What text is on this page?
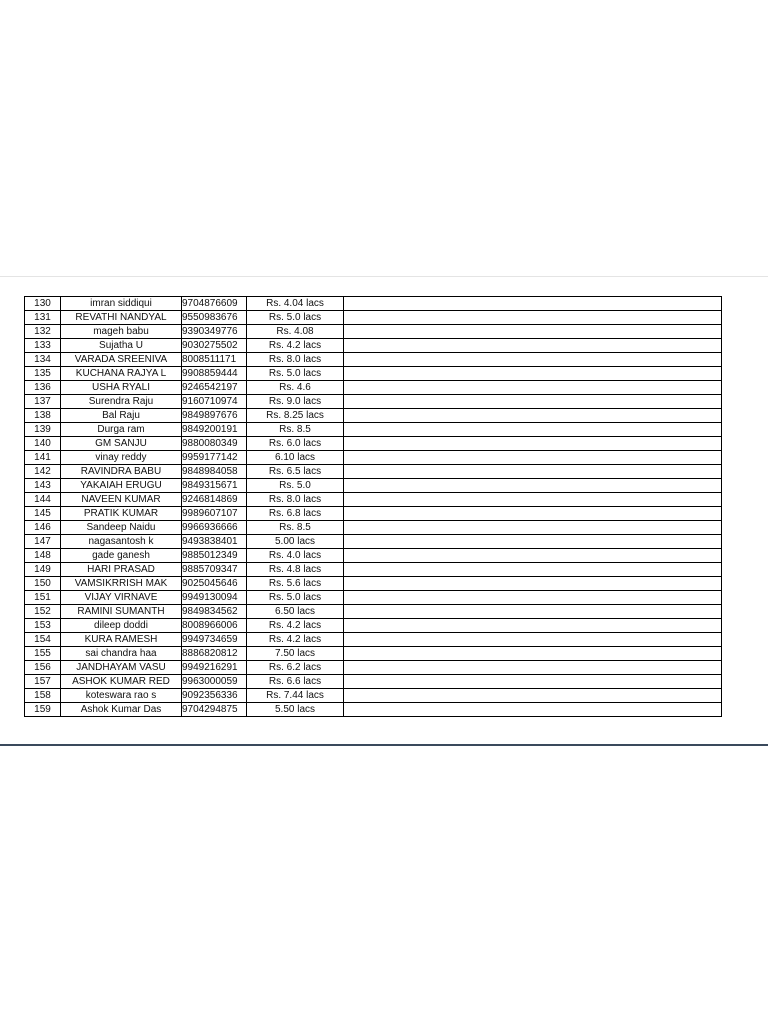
130	imran siddiqui	9704876609	Rs. 4.04 lacs	
131	REVATHI NANDYAL	9550983676	Rs. 5.0 lacs	
132	mageh babu	9390349776	Rs. 4.08	
133	Sujatha U	9030275502	Rs. 4.2 lacs	
134	VARADA SREENIVA	8008511171	Rs. 8.0 lacs	
135	KUCHANA RAJYA L	9908859444	Rs. 5.0 lacs	
136	USHA RYALI	9246542197	Rs. 4.6	
137	Surendra Raju	9160710974	Rs. 9.0 lacs	
138	Bal Raju	9849897676	Rs. 8.25 lacs	
139	Durga ram	9849200191	Rs. 8.5	
140	GM SANJU	9880080349	Rs. 6.0 lacs	
141	vinay reddy	9959177142	6.10 lacs	
142	RAVINDRA BABU	9848984058	Rs. 6.5 lacs	
143	YAKAIAH ERUGU	9849315671	Rs. 5.0	
144	NAVEEN KUMAR	9246814869	Rs. 8.0 lacs	
145	PRATIK KUMAR	9989607107	Rs. 6.8 lacs	
146	Sandeep Naidu	9966936666	Rs. 8.5	
147	nagasantosh k	9493838401	5.00 lacs	
148	gade ganesh	9885012349	Rs. 4.0 lacs	
149	HARI PRASAD	9885709347	Rs. 4.8 lacs	
150	VAMSIKRRISH MAK	9025045646	Rs. 5.6 lacs	
151	VIJAY VIRNAVE	9949130094	Rs. 5.0 lacs	
152	RAMINI SUMANTH	9849834562	6.50 lacs	
153	dileep doddi	8008966006	Rs. 4.2 lacs	
154	KURA RAMESH	9949734659	Rs. 4.2 lacs	
155	sai chandra haa	8886820812	7.50 lacs	
156	JANDHAYAM VASU	9949216291	Rs. 6.2 lacs	
157	ASHOK KUMAR RED	9963000059	Rs. 6.6 lacs	
158	koteswara rao s	9092356336	Rs. 7.44 lacs	
159	Ashok Kumar Das	9704294875	5.50 lacs	
